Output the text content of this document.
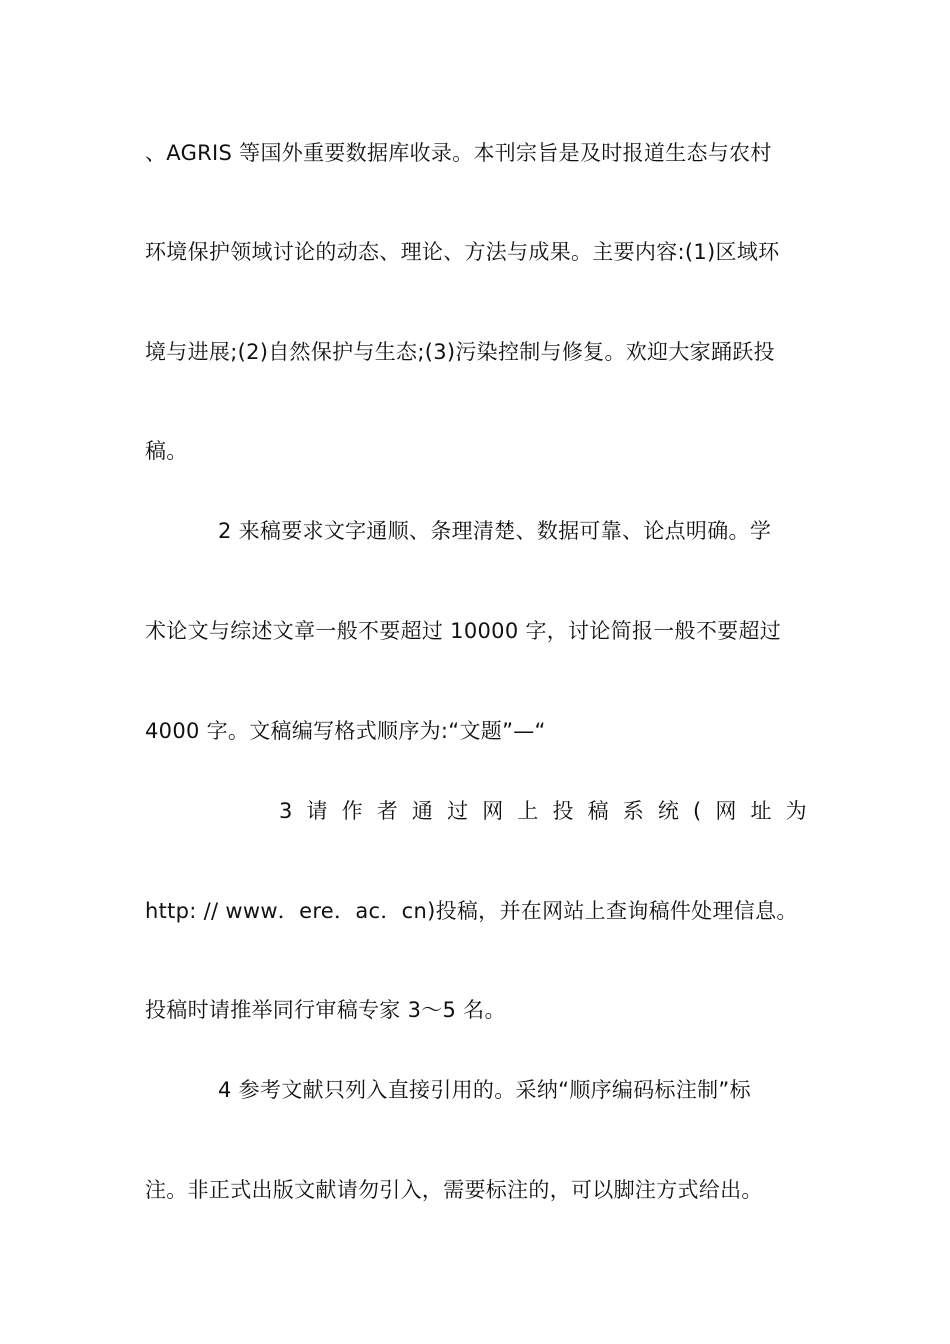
、AGRIS 等国外重要数据库收录。本刊宗旨是及时报道生态与农村
环境保护领域讨论的动态、理论、方法与成果。主要内容:(1)区域环
境与进展;(2)自然保护与生态;(3)污染控制与修复。欢迎大家踊跃投
稿。
2 来稿要求文字通顺、条理清楚、数据可靠、论点明确。学
术论文与综述文章一般不要超过 10000 字，讨论简报一般不要超过
4000 字。文稿编写格式顺序为:“文题”—“
3 请 作 者 通 过 网 上 投 稿 系 统 ( 网 址 为
http: // www．ere．ac．cn)投稿，并在网站上查询稿件处理信息。
投稿时请推举同行审稿专家 3～5 名。
4 参考文献只列入直接引用的。采纳“顺序编码标注制”标
注。非正式出版文献请勿引入，需要标注的，可以脚注方式给出。
